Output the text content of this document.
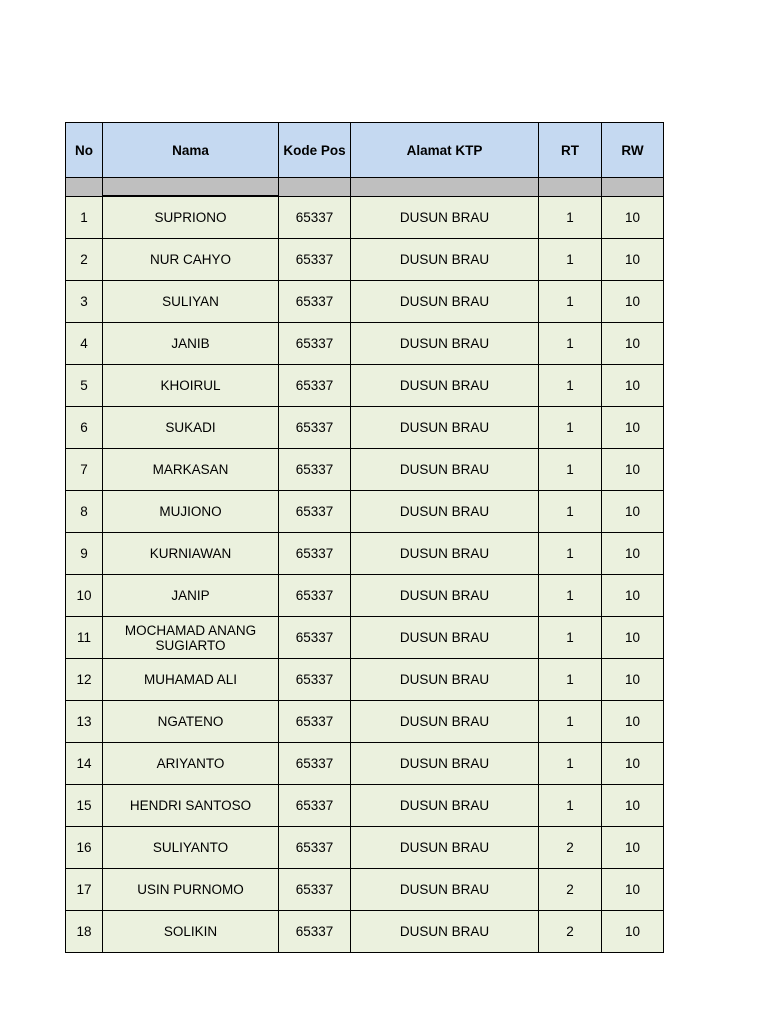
No	Nama	Kode Pos	Alamat KTP	RT	RW

1	SUPRIONO	65337	DUSUN BRAU	1	10
2	NUR CAHYO	65337	DUSUN BRAU	1	10
3	SULIYAN	65337	DUSUN BRAU	1	10
4	JANIB	65337	DUSUN BRAU	1	10
5	KHOIRUL	65337	DUSUN BRAU	1	10
6	SUKADI	65337	DUSUN BRAU	1	10
7	MARKASAN	65337	DUSUN BRAU	1	10
8	MUJIONO	65337	DUSUN BRAU	1	10
9	KURNIAWAN	65337	DUSUN BRAU	1	10
10	JANIP	65337	DUSUN BRAU	1	10
11	MOCHAMAD ANANG SUGIARTO	65337	DUSUN BRAU	1	10
12	MUHAMAD ALI	65337	DUSUN BRAU	1	10
13	NGATENO	65337	DUSUN BRAU	1	10
14	ARIYANTO	65337	DUSUN BRAU	1	10
15	HENDRI SANTOSO	65337	DUSUN BRAU	1	10
16	SULIYANTO	65337	DUSUN BRAU	2	10
17	USIN PURNOMO	65337	DUSUN BRAU	2	10
18	SOLIKIN	65337	DUSUN BRAU	2	10
